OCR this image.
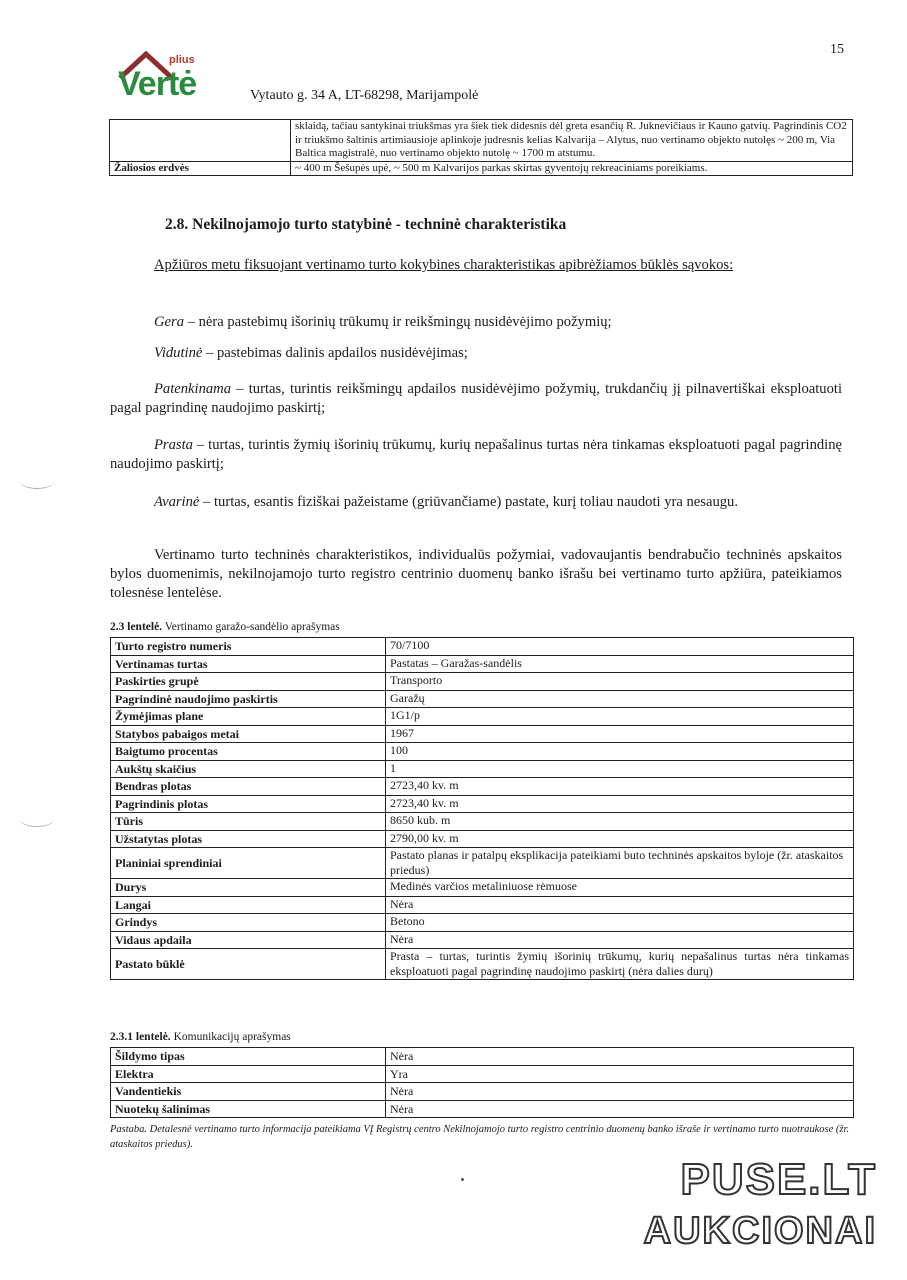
15
plius
Vertė	Vytauto g. 34 A, LT-68298, Marijampolė
	sklaidą, tačiau santykinai triukšmas yra šiek tiek didesnis dėl greta esančių R. Juknevičiaus ir Kauno gatvių. Pagrindinis CO2 ir triukšmo šaltinis artimiausioje aplinkoje judresnis kelias Kalvarija – Alytus, nuo vertinamo objekto nutolęs ~ 200 m, Via Baltica magistralė, nuo vertinamo objekto nutolę ~ 1700 m atstumu.
Žaliosios erdvės	~ 400 m Šešupės upė, ~ 500 m Kalvarijos parkas skirtas gyventojų rekreaciniams poreikiams.
2.8. Nekilnojamojo turto statybinė - techninė charakteristika
Apžiūros metu fiksuojant vertinamo turto kokybines charakteristikas apibrėžiamos būklės sąvokos:
Gera – nėra pastebimų išorinių trūkumų ir reikšmingų nusidėvėjimo požymių;
Vidutinė – pastebimas dalinis apdailos nusidėvėjimas;
Patenkinama – turtas, turintis reikšmingų apdailos nusidėvėjimo požymių, trukdančių jį pilnavertiškai eksploatuoti pagal pagrindinę naudojimo paskirtį;
Prasta – turtas, turintis žymių išorinių trūkumų, kurių nepašalinus turtas nėra tinkamas eksploatuoti pagal pagrindinę naudojimo paskirtį;
Avarinė – turtas, esantis fiziškai pažeistame (griūvančiame) pastate, kurį toliau naudoti yra nesaugu.
Vertinamo turto techninės charakteristikos, individualūs požymiai, vadovaujantis bendrabučio techninės apskaitos bylos duomenimis, nekilnojamojo turto registro centrinio duomenų banko išrašu bei vertinamo turto apžiūra, pateikiamos tolesnėse lentelėse.
2.3 lentelė. Vertinamo garažo-sandėlio aprašymas
Turto registro numeris	70/7100
Vertinamas turtas	Pastatas – Garažas-sandėlis
Paskirties grupė	Transporto
Pagrindinė naudojimo paskirtis	Garažų
Žymėjimas plane	1G1/p
Statybos pabaigos metai	1967
Baigtumo procentas	100
Aukštų skaičius	1
Bendras plotas	2723,40 kv. m
Pagrindinis plotas	2723,40 kv. m
Tūris	8650 kub. m
Užstatytas plotas	2790,00 kv. m
Planiniai sprendiniai	Pastato planas ir patalpų eksplikacija pateikiami buto techninės apskaitos byloje (žr. ataskaitos priedus)
Durys	Medinės varčios metaliniuose rėmuose
Langai	Nėra
Grindys	Betono
Vidaus apdaila	Nėra
Pastato būklė	Prasta – turtas, turintis žymių išorinių trūkumų, kurių nepašalinus turtas nėra tinkamas eksploatuoti pagal pagrindinę naudojimo paskirtį (nėra dalies durų)
2.3.1 lentelė. Komunikacijų aprašymas
Šildymo tipas	Nėra
Elektra	Yra
Vandentiekis	Nėra
Nuotekų šalinimas	Nėra
Pastaba. Detalesnė vertinamo turto informacija pateikiama VĮ Registrų centro Nekilnojamojo turto registro centrinio duomenų banko išraše ir vertinamo turto nuotraukose (žr. ataskaitos priedus).
PUSE.LT
AUKCIONAI
